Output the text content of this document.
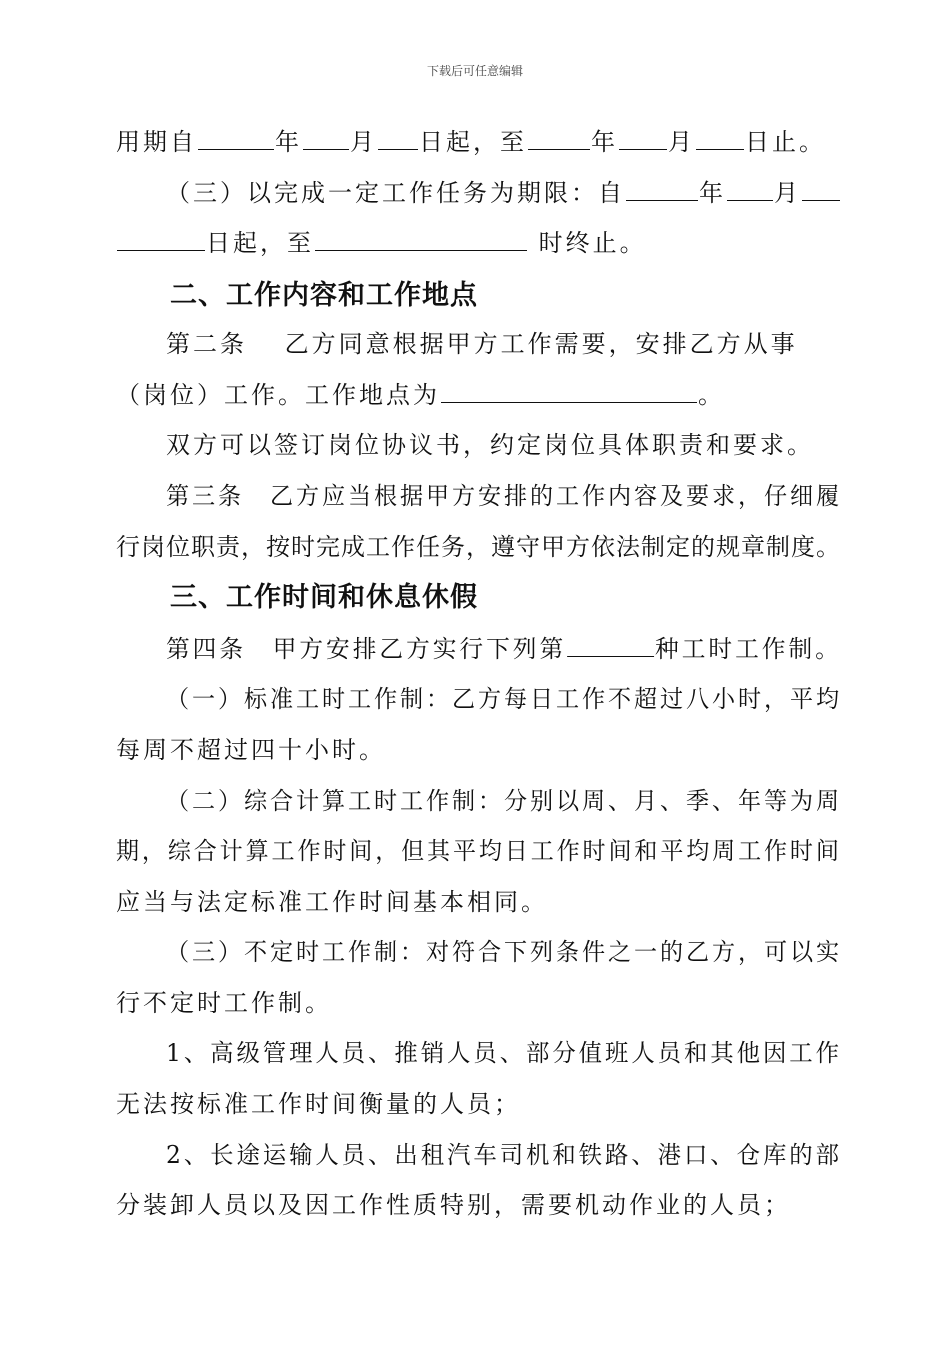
下载后可任意编辑
用期自	年 月 日起，至	年 月 日止。
（三）以完成一定工作任务为期限：自	年 月
日起，至	时终止。
二、工作内容和工作地点
第二条　 乙方同意根据甲方工作需要，安排乙方从事
（岗位）工作。工作地点为	。
双方可以签订岗位协议书，约定岗位具体职责和要求。
第三条　乙方应当根据甲方安排的工作内容及要求，仔细履
行岗位职责，按时完成工作任务，遵守甲方依法制定的规章制度。
三、工作时间和休息休假
第四条　甲方安排乙方实行下列第	种工时工作制。
（一）标准工时工作制：乙方每日工作不超过八小时，平均
每周不超过四十小时。
（二）综合计算工时工作制：分别以周、月、季、年等为周
期，综合计算工作时间，但其平均日工作时间和平均周工作时间
应当与法定标准工作时间基本相同。
（三）不定时工作制：对符合下列条件之一的乙方，可以实
行不定时工作制。
1、高级管理人员、推销人员、部分值班人员和其他因工作
无法按标准工作时间衡量的人员；
2、长途运输人员、出租汽车司机和铁路、港口、仓库的部
分装卸人员以及因工作性质特别，需要机动作业的人员；
